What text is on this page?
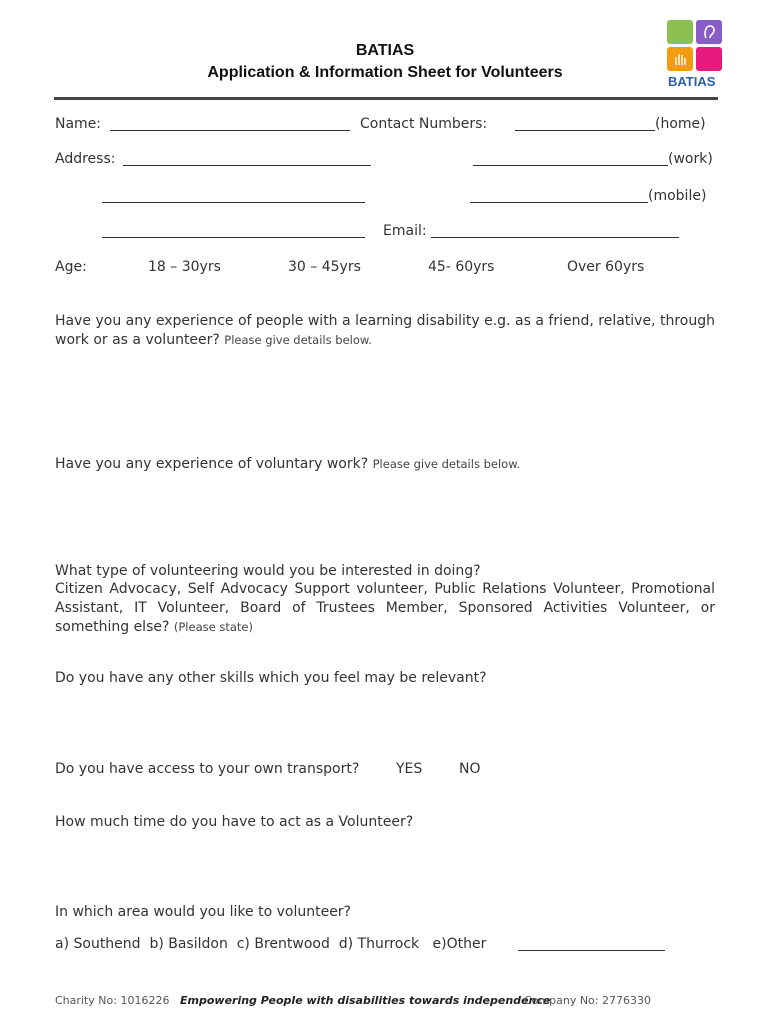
BATIAS
BATIAS
Application & Information Sheet for Volunteers
Name:	Contact Numbers:	(home)
Address:	(work)
(mobile)
Email:
Age:	18 – 30yrs	30 – 45yrs	45- 60yrs	Over 60yrs
Have you any experience of people with a learning disability e.g. as a friend, relative, through work or as a volunteer? Please give details below.
Have you any experience of voluntary work? Please give details below.
What type of volunteering would you be interested in doing?
Citizen Advocacy, Self Advocacy Support volunteer, Public Relations Volunteer, Promotional Assistant, IT Volunteer, Board of Trustees Member, Sponsored Activities Volunteer, or something else? (Please state)
Do you have any other skills which you feel may be relevant?
Do you have access to your own transport?	YES	NO
How much time do you have to act as a Volunteer?
In which area would you like to volunteer?
a) Southend  b) Basildon  c) Brentwood  d) Thurrock   e)Other
Charity No: 1016226 Empowering People with disabilities towards independence
Company No: 2776330
